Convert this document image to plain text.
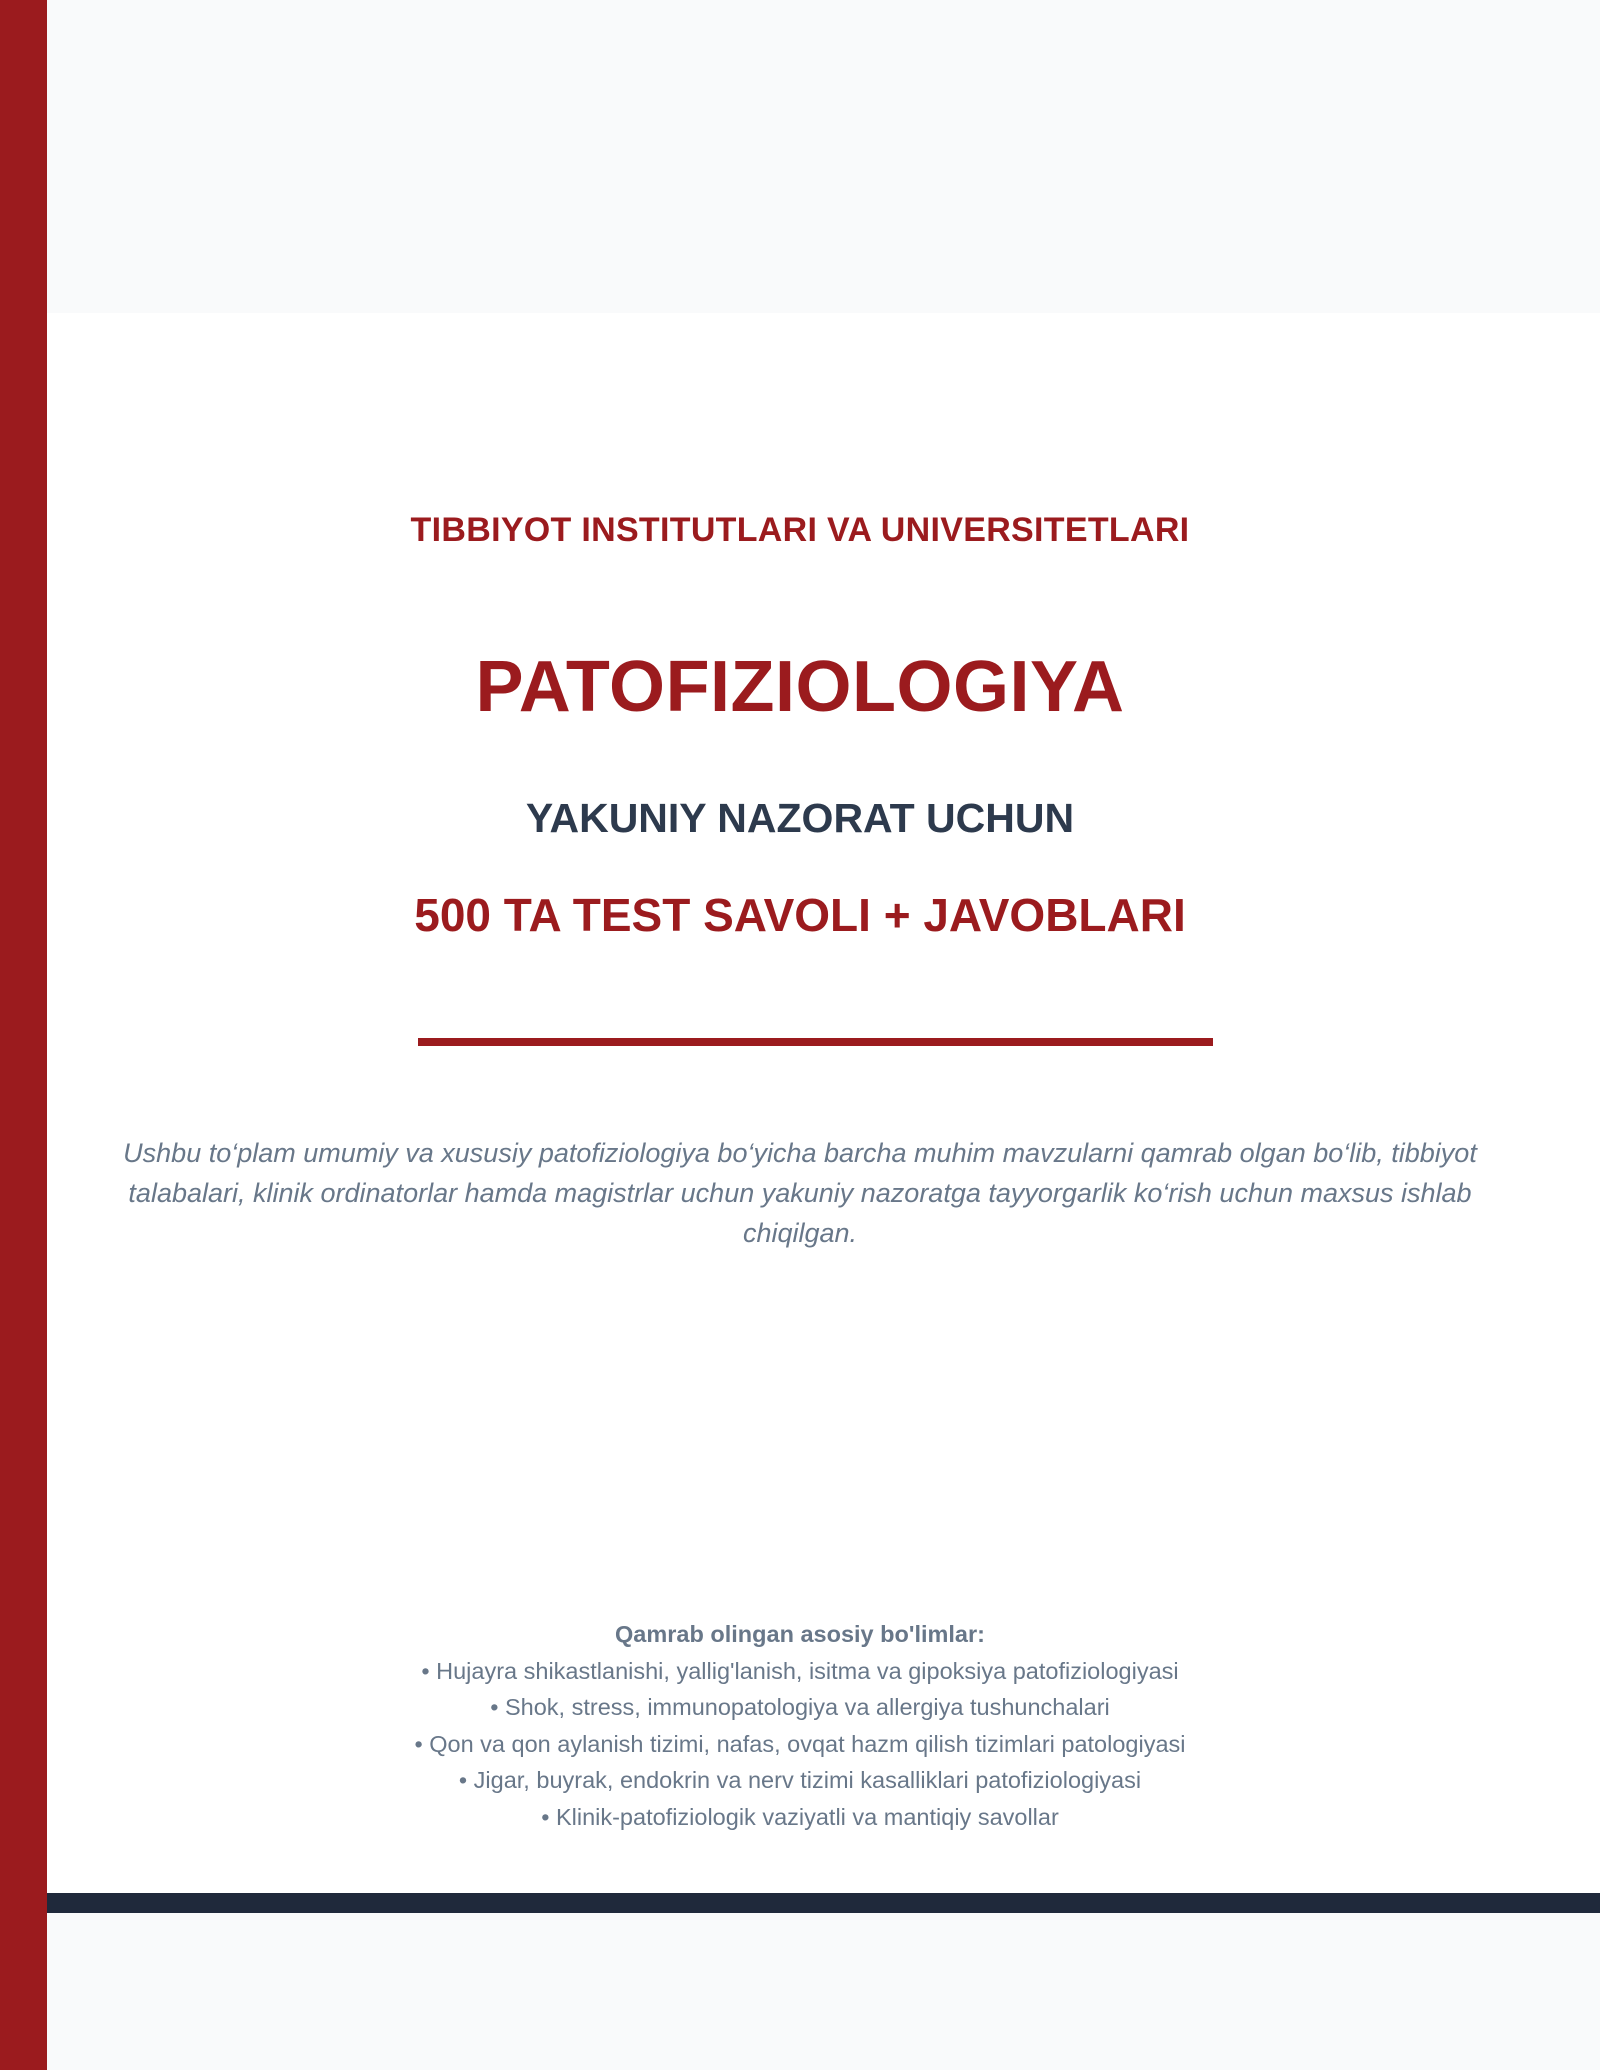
TIBBIYOT INSTITUTLARI VA UNIVERSITETLARI
PATOFIZIOLOGIYA
YAKUNIY NAZORAT UCHUN
500 TA TEST SAVOLI + JAVOBLARI
Ushbu to‘plam umumiy va xususiy patofiziologiya bo‘yicha barcha muhim mavzularni qamrab olgan bo‘lib, tibbiyot talabalari, klinik ordinatorlar hamda magistrlar uchun yakuniy nazoratga tayyorgarlik ko‘rish uchun maxsus ishlab chiqilgan.
Qamrab olingan asosiy bo'limlar:
• Hujayra shikastlanishi, yallig'lanish, isitma va gipoksiya patofiziologiyasi
• Shok, stress, immunopatologiya va allergiya tushunchalari
• Qon va qon aylanish tizimi, nafas, ovqat hazm qilish tizimlari patologiyasi
• Jigar, buyrak, endokrin va nerv tizimi kasalliklari patofiziologiyasi
• Klinik-patofiziologik vaziyatli va mantiqiy savollar
